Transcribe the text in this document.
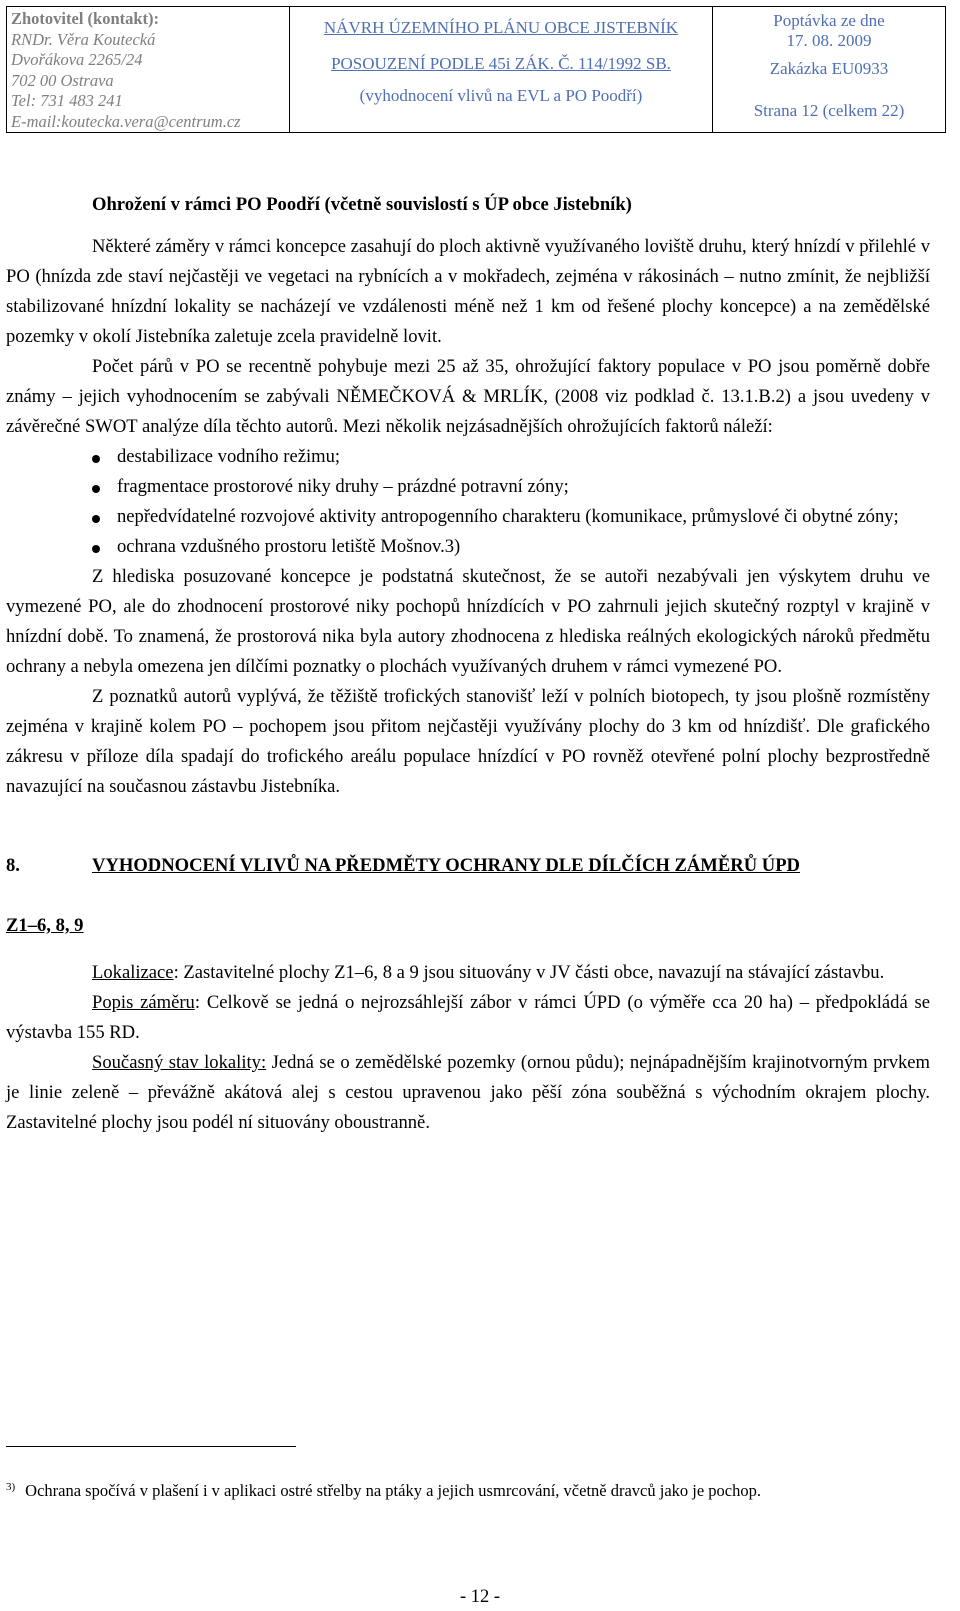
Zhotovitel (kontakt):
RNDr. Věra Koutecká
Dvořákova 2265/24
702 00 Ostrava
Tel: 731 483 241
E-mail:koutecka.vera@centrum.cz

NÁVRH ÚZEMNÍHO PLÁNU OBCE JISTEBNÍK
POSOUZENÍ PODLE 45i ZÁK. Č. 114/1992 SB.
(vyhodnocení vlivů na EVL a PO Poodří)

Poptávka ze dne
17. 08. 2009
Zakázka EU0933
Strana 12 (celkem 22)

Ohrožení v rámci PO Poodří (včetně souvislostí s ÚP obce Jistebník)

Některé záměry v rámci koncepce zasahují do ploch aktivně využívaného loviště druhu, který hnízdí v přilehlé v PO (hnízda zde staví nejčastěji ve vegetaci na rybnících a v mokřadech, zejména v rákosinách – nutno zmínit, že nejbližší stabilizované hnízdní lokality se nacházejí ve vzdálenosti méně než 1 km od řešené plochy koncepce) a na zemědělské pozemky v okolí Jistebníka zaletuje zcela pravidelně lovit.

Počet párů v PO se recentně pohybuje mezi 25 až 35, ohrožující faktory populace v PO jsou poměrně dobře známy – jejich vyhodnocením se zabývali NĚMEČKOVÁ & MRLÍK, (2008 viz podklad č. 13.1.B.2) a jsou uvedeny v závěrečné SWOT analýze díla těchto autorů. Mezi několik nejzásadnějších ohrožujících faktorů náleží:

destabilizace vodního režimu;
fragmentace prostorové niky druhy – prázdné potravní zóny;
nepředvídatelné rozvojové aktivity antropogenního charakteru (komunikace, průmyslové či obytné zóny;
ochrana vzdušného prostoru letiště Mošnov.3)

Z hlediska posuzované koncepce je podstatná skutečnost, že se autoři nezabývali jen výskytem druhu ve vymezené PO, ale do zhodnocení prostorové niky pochopů hnízdících v PO zahrnuli jejich skutečný rozptyl v krajině v hnízdní době. To znamená, že prostorová nika byla autory zhodnocena z hlediska reálných ekologických nároků předmětu ochrany a nebyla omezena jen dílčími poznatky o plochách využívaných druhem v rámci vymezené PO.

Z poznatků autorů vyplývá, že těžiště trofických stanovišť leží v polních biotopech, ty jsou plošně rozmístěny zejména v krajině kolem PO – pochopem jsou přitom nejčastěji využívány plochy do 3 km od hnízdišť. Dle grafického zákresu v příloze díla spadají do trofického areálu populace hnízdící v PO rovněž otevřené polní plochy bezprostředně navazující na současnou zástavbu Jistebníka.

8.	VYHODNOCENÍ VLIVŮ NA PŘEDMĚTY OCHRANY DLE DÍLČÍCH ZÁMĚRŮ ÚPD

Z1–6, 8, 9

Lokalizace: Zastavitelné plochy Z1–6, 8 a 9 jsou situovány v JV části obce, navazují na stávající zástavbu.

Popis záměru: Celkově se jedná o nejrozsáhlejší zábor v rámci ÚPD (o výměře cca 20 ha) – předpokládá se výstavba 155 RD.

Současný stav lokality: Jedná se o zemědělské pozemky (ornou půdu); nejnápadnějším krajinotvorným prvkem je linie zeleně – převážně akátová alej s cestou upravenou jako pěší zóna souběžná s východním okrajem plochy. Zastavitelné plochy jsou podél ní situovány oboustranně.

$^{3)}$ Ochrana spočívá v plašení i v aplikaci ostré střelby na ptáky a jejich usmrcování, včetně dravců jako je pochop.

- 12 -
